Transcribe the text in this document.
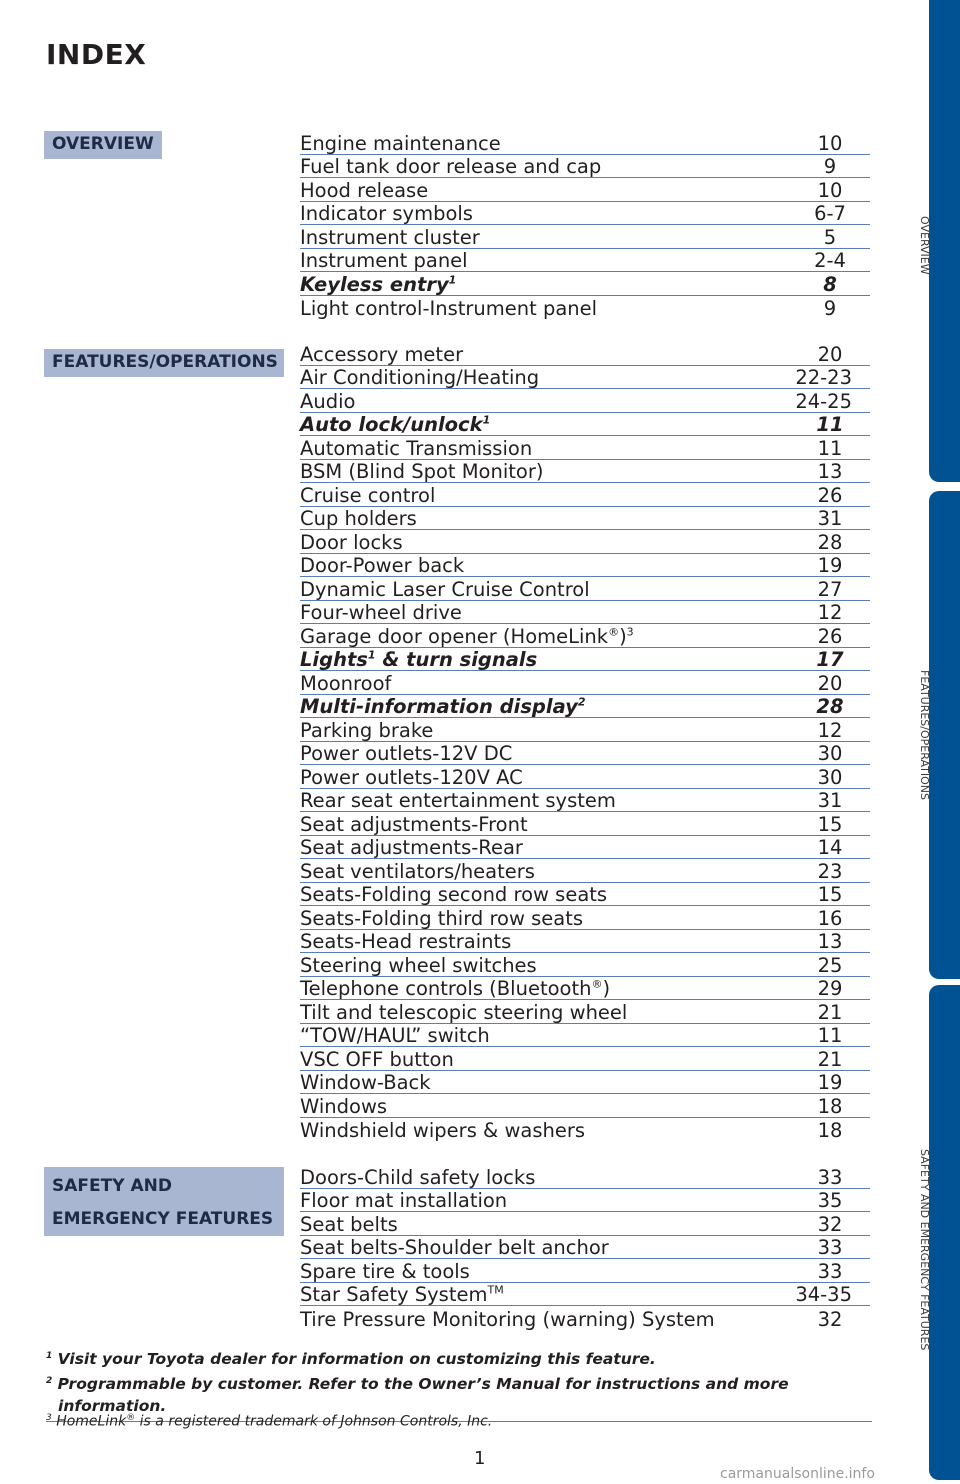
INDEX
OVERVIEW
FEATURES/OPERATIONS
SAFETY AND
EMERGENCY FEATURES
Engine maintenance	10
Fuel tank door release and cap	9
Hood release	10
Indicator symbols	6-7
Instrument cluster	5
Instrument panel	2-4
Keyless entry$^1$	8
Light control-Instrument panel	9
Accessory meter	20
Air Conditioning/Heating	22-23
Audio	24-25
Auto lock/unlock$^1$	11
Automatic Transmission	11
BSM (Blind Spot Monitor)	13
Cruise control	26
Cup holders	31
Door locks	28
Door-Power back	19
Dynamic Laser Cruise Control	27
Four-wheel drive	12
Garage door opener (HomeLink®)$^3$	26
Lights$^1$ & turn signals	17
Moonroof	20
Multi-information display$^2$	28
Parking brake	12
Power outlets-12V DC	30
Power outlets-120V AC	30
Rear seat entertainment system	31
Seat adjustments-Front	15
Seat adjustments-Rear	14
Seat ventilators/heaters	23
Seats-Folding second row seats	15
Seats-Folding third row seats	16
Seats-Head restraints	13
Steering wheel switches	25
Telephone controls (Bluetooth®)	29
Tilt and telescopic steering wheel	21
“TOW/HAUL” switch	11
VSC OFF button	21
Window-Back	19
Windows	18
Windshield wipers & washers	18
Doors-Child safety locks	33
Floor mat installation	35
Seat belts	32
Seat belts-Shoulder belt anchor	33
Spare tire & tools	33
Star Safety System™	34-35
Tire Pressure Monitoring (warning) System	32

$^1$ Visit your Toyota dealer for information on customizing this feature.

$^2$ Programmable by customer. Refer to the Owner’s Manual for instructions and more information.

$^3$ HomeLink® is a registered trademark of Johnson Controls, Inc.
1
OVERVIEW
FEATURES/OPERATIONS
SAFETY AND EMERGENCY FEATURES
carmanualsonline.info
